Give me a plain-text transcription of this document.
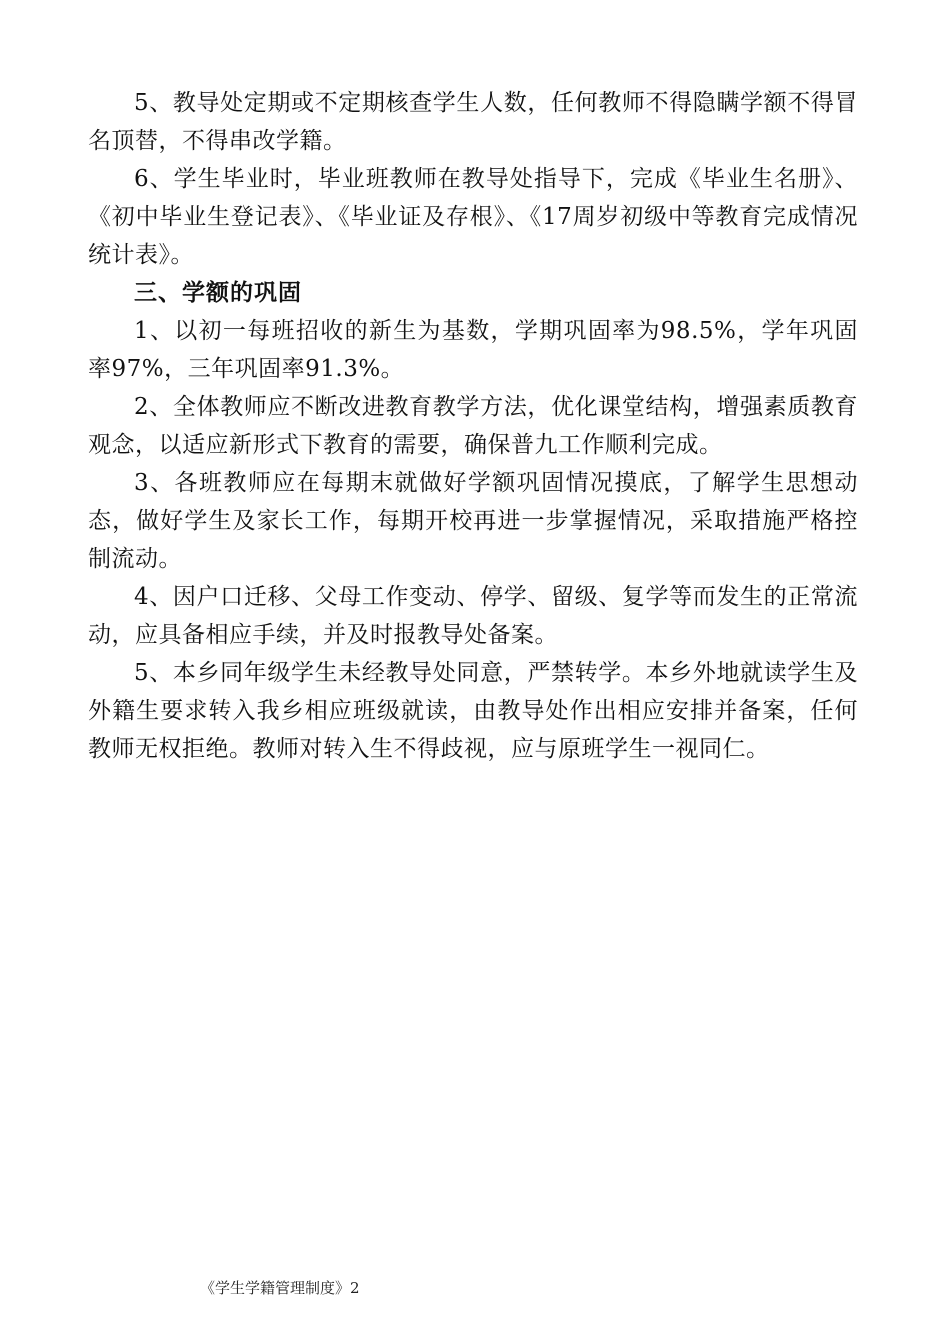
5、教导处定期或不定期核查学生人数，任何教师不得隐瞒学额不得冒名顶替，不得串改学籍。

6、学生毕业时，毕业班教师在教导处指导下，完成《毕业生名册》、《初中毕业生登记表》、《毕业证及存根》、《17周岁初级中等教育完成情况统计表》。

三、学额的巩固

1、以初一每班招收的新生为基数，学期巩固率为98.5%，学年巩固率97%，三年巩固率91.3%。

2、全体教师应不断改进教育教学方法，优化课堂结构，增强素质教育观念，以适应新形式下教育的需要，确保普九工作顺利完成。

3、各班教师应在每期末就做好学额巩固情况摸底，了解学生思想动态，做好学生及家长工作，每期开校再进一步掌握情况，采取措施严格控制流动。

4、因户口迁移、父母工作变动、停学、留级、复学等而发生的正常流动，应具备相应手续，并及时报教导处备案。

5、本乡同年级学生未经教导处同意，严禁转学。本乡外地就读学生及外籍生要求转入我乡相应班级就读，由教导处作出相应安排并备案，任何教师无权拒绝。教师对转入生不得歧视，应与原班学生一视同仁。

《学生学籍管理制度》2
